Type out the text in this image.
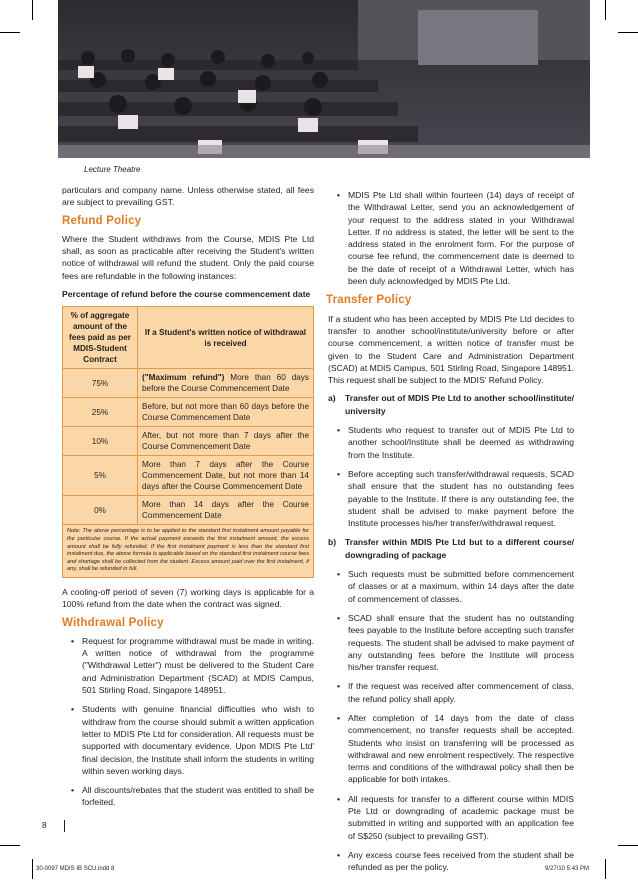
Lecture Theatre

particulars and company name. Unless otherwise stated, all fees are subject to prevailing GST.

Refund Policy

Where the Student withdraws from the Course, MDIS Pte Ltd shall, as soon as practicable after receiving the Student's written notice of withdrawal will refund the student. Only the paid course fees are refundable in the following instances:

Percentage of refund before the course commencement date

% of aggregate amount of the fees paid as per MDIS-Student Contract	If a Student's written notice of withdrawal is received
75%	("Maximum refund") More than 60 days before the Course Commencement Date
25%	Before, but not more than 60 days before the Course Commencement Date
10%	After, but not more than 7 days after the Course Commencement Date
5%	More than 7 days after the Course Commencement Date, but not more than 14 days after the Course Commencement Date
0%	More than 14 days after the Course Commencement Date
Note: The above percentage is to be applied to the standard first instalment amount payable for the particular course. If the actual payment exceeds the first instalment amount, the excess amount shall be fully refunded. If the first instalment payment is less than the standard first instalment due, the above formula is applicable based on the standard first instalment course fees and shortage shall be collected from the student. Excess amount paid over the first instalment, if any, shall be refunded in full.	

A cooling-off period of seven (7) working days is applicable for a 100% refund from the date when the contract was signed.

Withdrawal Policy
• Request for programme withdrawal must be made in writing. A written notice of withdrawal from the programme ("Withdrawal Letter") must be delivered to the Student Care and Administration Department (SCAD) at MDIS Campus, 501 Stirling Road, Singapore 148951.
• Students with genuine financial difficulties who wish to withdraw from the course should submit a written application letter to MDIS Pte Ltd for consideration. All requests must be supported with documentary evidence. Upon MDIS Pte Ltd' final decision, the Institute shall inform the students in writing within seven working days.
• All discounts/rebates that the student was entitled to shall be forfeited.
• MDIS Pte Ltd shall within fourteen (14) days of receipt of the Withdrawal Letter, send you an acknowledgement of your request to the address stated in your Withdrawal Letter. If no address is stated, the letter will be sent to the address stated in the enrolment form. For the purpose of course fee refund, the commencement date is deemed to be the date of receipt of a Withdrawal Letter, which has been duly acknowledged by MDIS Pte Ltd.
Transfer Policy

If a student who has been accepted by MDIS Pte Ltd decides to transfer to another school/institute/university before or after course commencement, a written notice of transfer must be given to the Student Care and Administration Department (SCAD) at MDIS Campus, 501 Stirling Road, Singapore 148951. This request shall be subject to the MDIS' Refund Policy.

a)	Transfer out of MDIS Pte Ltd to another school/institute/ university
• Students who request to transfer out of MDIS Pte Ltd to another school/Institute shall be deemed as withdrawing from the Institute.
• Before accepting such transfer/withdrawal requests, SCAD shall ensure that the student has no outstanding fees payable to the Institute. If there is any outstanding fee, the student shall be advised to make payment before the Institute processes his/her transfer/withdrawal request.
b)	Transfer within MDIS Pte Ltd but to a different course/ downgrading of package
• Such requests must be submitted before commencement of classes or at a maximum, within 14 days after the date of commencement of classes.
• SCAD shall ensure that the student has no outstanding fees payable to the Institute before accepting such transfer requests. The student shall be advised to make payment of any outstanding fees before the Institute will process his/her transfer request.
• If the request was received after commencement of class, the refund policy shall apply.
• After completion of 14 days from the date of class commencement, no transfer requests shall be accepted. Students who insist on transferring will be processed as withdrawal and new enrolment respectively. The respective terms and conditions of the withdrawal policy shall then be applicable for both intakes.
• All requests for transfer to a different course within MDIS Pte Ltd or downgrading of academic package must be submitted in writing and supported with an application fee of S$250 (subject to prevailing GST).
• Any excess course fees received from the student shall be refunded as per the policy.
8
30-0097 MDIS IB SCU.indd 8	9/27/10 5:43 PM
